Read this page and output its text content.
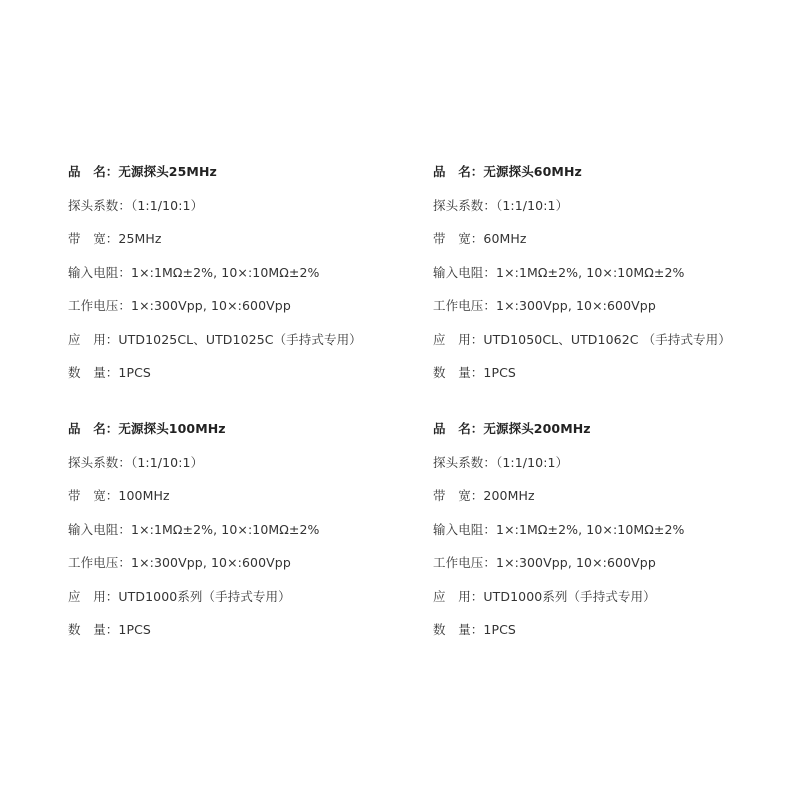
品　名：无源探头25MHz
探头系数：（1:1/10:1）
带　宽：25MHz
输入电阻：1×:1MΩ±2%, 10×:10MΩ±2%
工作电压：1×:300Vpp, 10×:600Vpp
应　用：UTD1025CL、UTD1025C（手持式专用）
数　量：1PCS
品　名：无源探头60MHz
探头系数：（1:1/10:1）
带　宽：60MHz
输入电阻：1×:1MΩ±2%, 10×:10MΩ±2%
工作电压：1×:300Vpp, 10×:600Vpp
应　用：UTD1050CL、UTD1062C （手持式专用）
数　量：1PCS
品　名：无源探头100MHz
探头系数：（1:1/10:1）
带　宽：100MHz
输入电阻：1×:1MΩ±2%, 10×:10MΩ±2%
工作电压：1×:300Vpp, 10×:600Vpp
应　用：UTD1000系列（手持式专用）
数　量：1PCS
品　名：无源探头200MHz
探头系数：（1:1/10:1）
带　宽：200MHz
输入电阻：1×:1MΩ±2%, 10×:10MΩ±2%
工作电压：1×:300Vpp, 10×:600Vpp
应　用：UTD1000系列（手持式专用）
数　量：1PCS
